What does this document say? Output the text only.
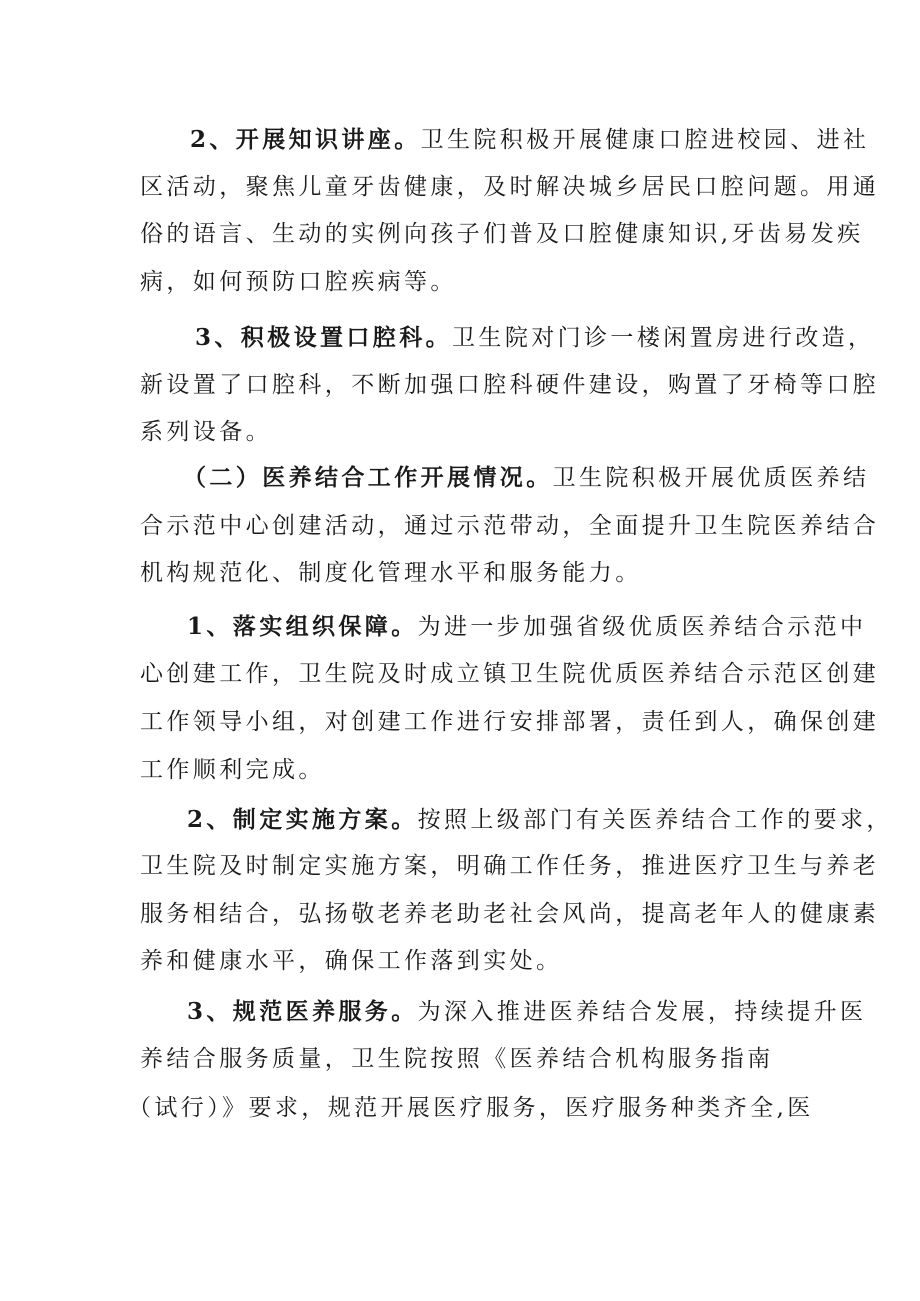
2、开展知识讲座。卫生院积极开展健康口腔进校园、进社
区活动，聚焦儿童牙齿健康，及时解决城乡居民口腔问题。用通
俗的语言、生动的实例向孩子们普及口腔健康知识,牙齿易发疾
病，如何预防口腔疾病等。
3、积极设置口腔科。卫生院对门诊一楼闲置房进行改造，
新设置了口腔科，不断加强口腔科硬件建设，购置了牙椅等口腔
系列设备。
（二）医养结合工作开展情况。卫生院积极开展优质医养结
合示范中心创建活动，通过示范带动，全面提升卫生院医养结合
机构规范化、制度化管理水平和服务能力。
1、落实组织保障。为进一步加强省级优质医养结合示范中
心创建工作，卫生院及时成立镇卫生院优质医养结合示范区创建
工作领导小组，对创建工作进行安排部署，责任到人，确保创建
工作顺利完成。
2、制定实施方案。按照上级部门有关医养结合工作的要求，
卫生院及时制定实施方案，明确工作任务，推进医疗卫生与养老
服务相结合，弘扬敬老养老助老社会风尚，提高老年人的健康素
养和健康水平，确保工作落到实处。
3、规范医养服务。为深入推进医养结合发展，持续提升医
养结合服务质量，卫生院按照《医养结合机构服务指南
（试行）》要求，规范开展医疗服务，医疗服务种类齐全,医
